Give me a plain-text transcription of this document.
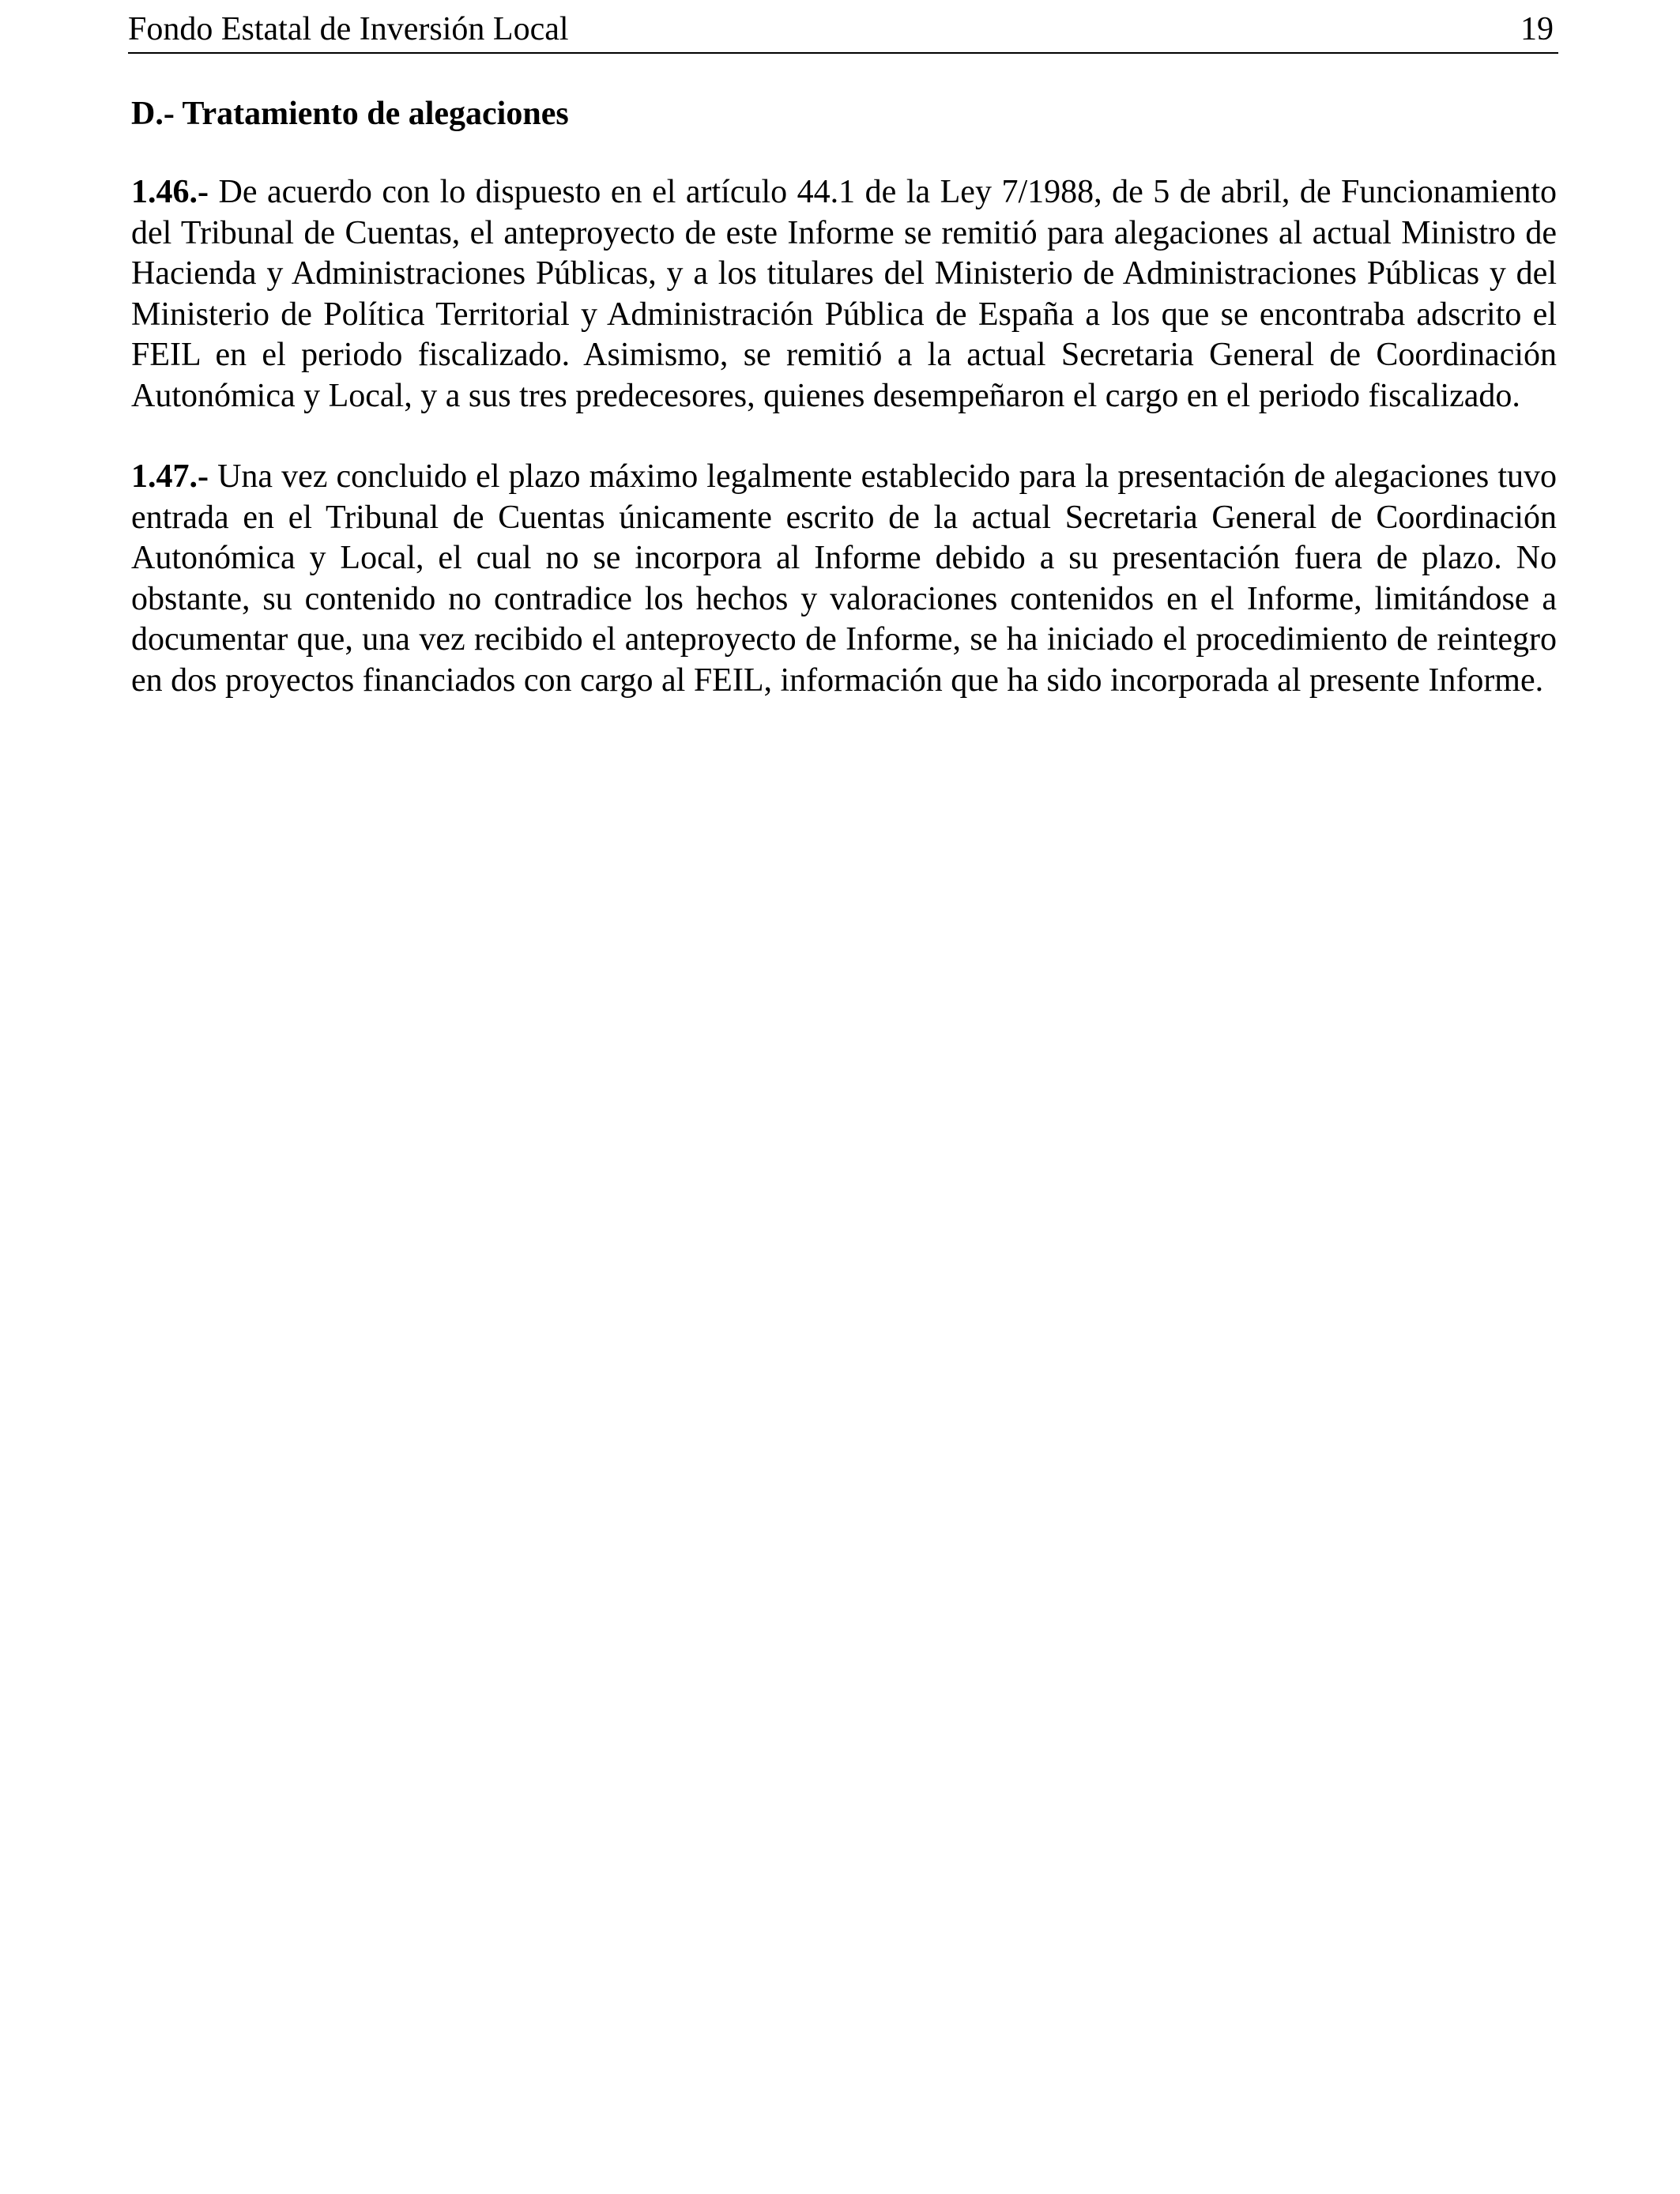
Fondo Estatal de Inversión Local	19
D.- Tratamiento de alegaciones

1.46.- De acuerdo con lo dispuesto en el artículo 44.1 de la Ley 7/1988, de 5 de abril, de Funcionamiento del Tribunal de Cuentas, el anteproyecto de este Informe se remitió para alegaciones al actual Ministro de Hacienda y Administraciones Públicas, y a los titulares del Ministerio de Administraciones Públicas y del Ministerio de Política Territorial y Administración Pública de España a los que se encontraba adscrito el FEIL en el periodo fiscalizado. Asimismo, se remitió a la actual Secretaria General de Coordinación Autonómica y Local, y a sus tres predecesores, quienes desempeñaron el cargo en el periodo fiscalizado.

1.47.- Una vez concluido el plazo máximo legalmente establecido para la presentación de alegaciones tuvo entrada en el Tribunal de Cuentas únicamente escrito de la actual Secretaria General de Coordinación Autonómica y Local, el cual no se incorpora al Informe debido a su presentación fuera de plazo. No obstante, su contenido no contradice los hechos y valoraciones contenidos en el Informe, limitándose a documentar que, una vez recibido el anteproyecto de Informe, se ha iniciado el procedimiento de reintegro en dos proyectos financiados con cargo al FEIL, información que ha sido incorporada al presente Informe.
